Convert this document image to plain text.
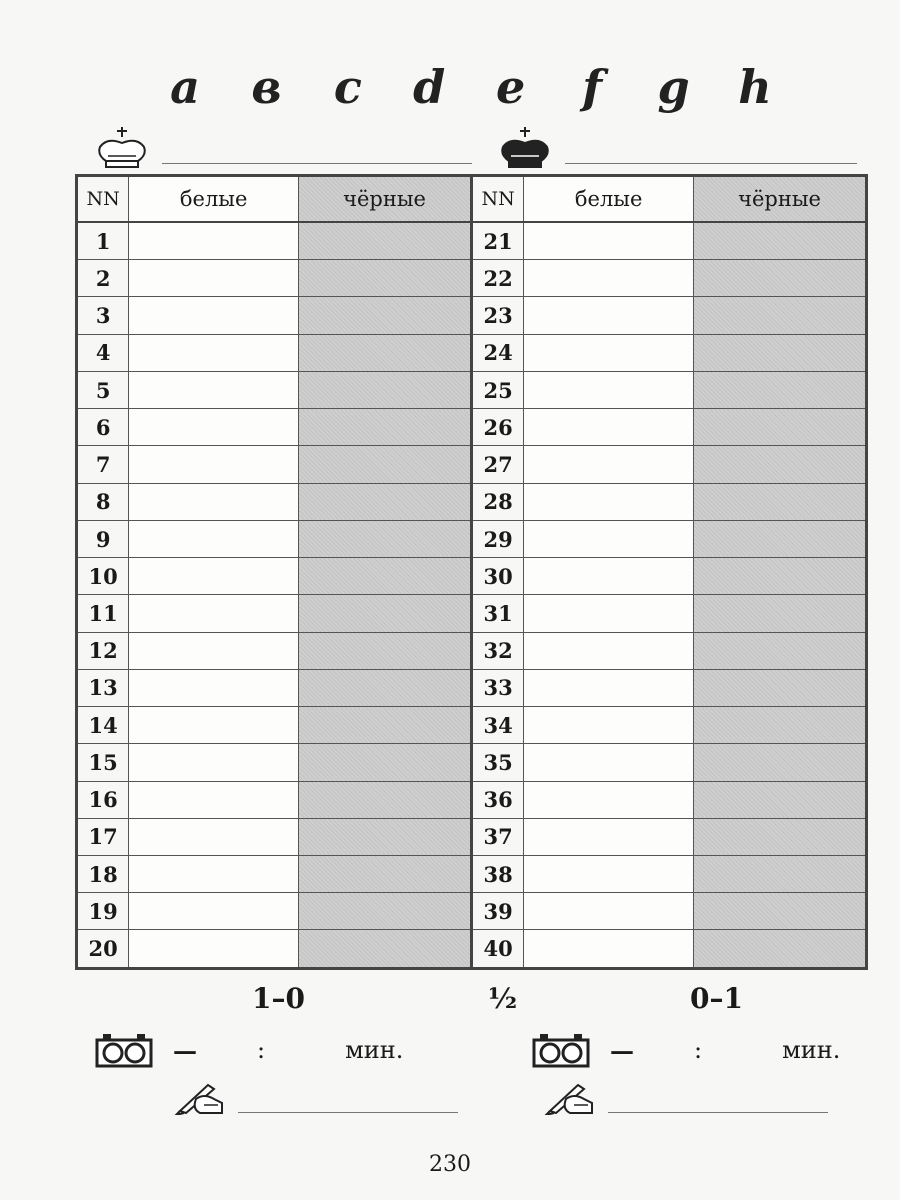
a	в	c	d	e	f	g	h
NN	белые	чёрные	NN	белые	чёрные
1			21		
2			22		
3			23		
4			24		
5			25		
6			26		
7			27		
8			28		
9			29		
10			30		
11			31		
12			32		
13			33		
14			34		
15			35		
16			36		
17			37		
18			38		
19			39		
20			40		
1–0	½	0–1
—	:	мин.	—	:	мин.
230
